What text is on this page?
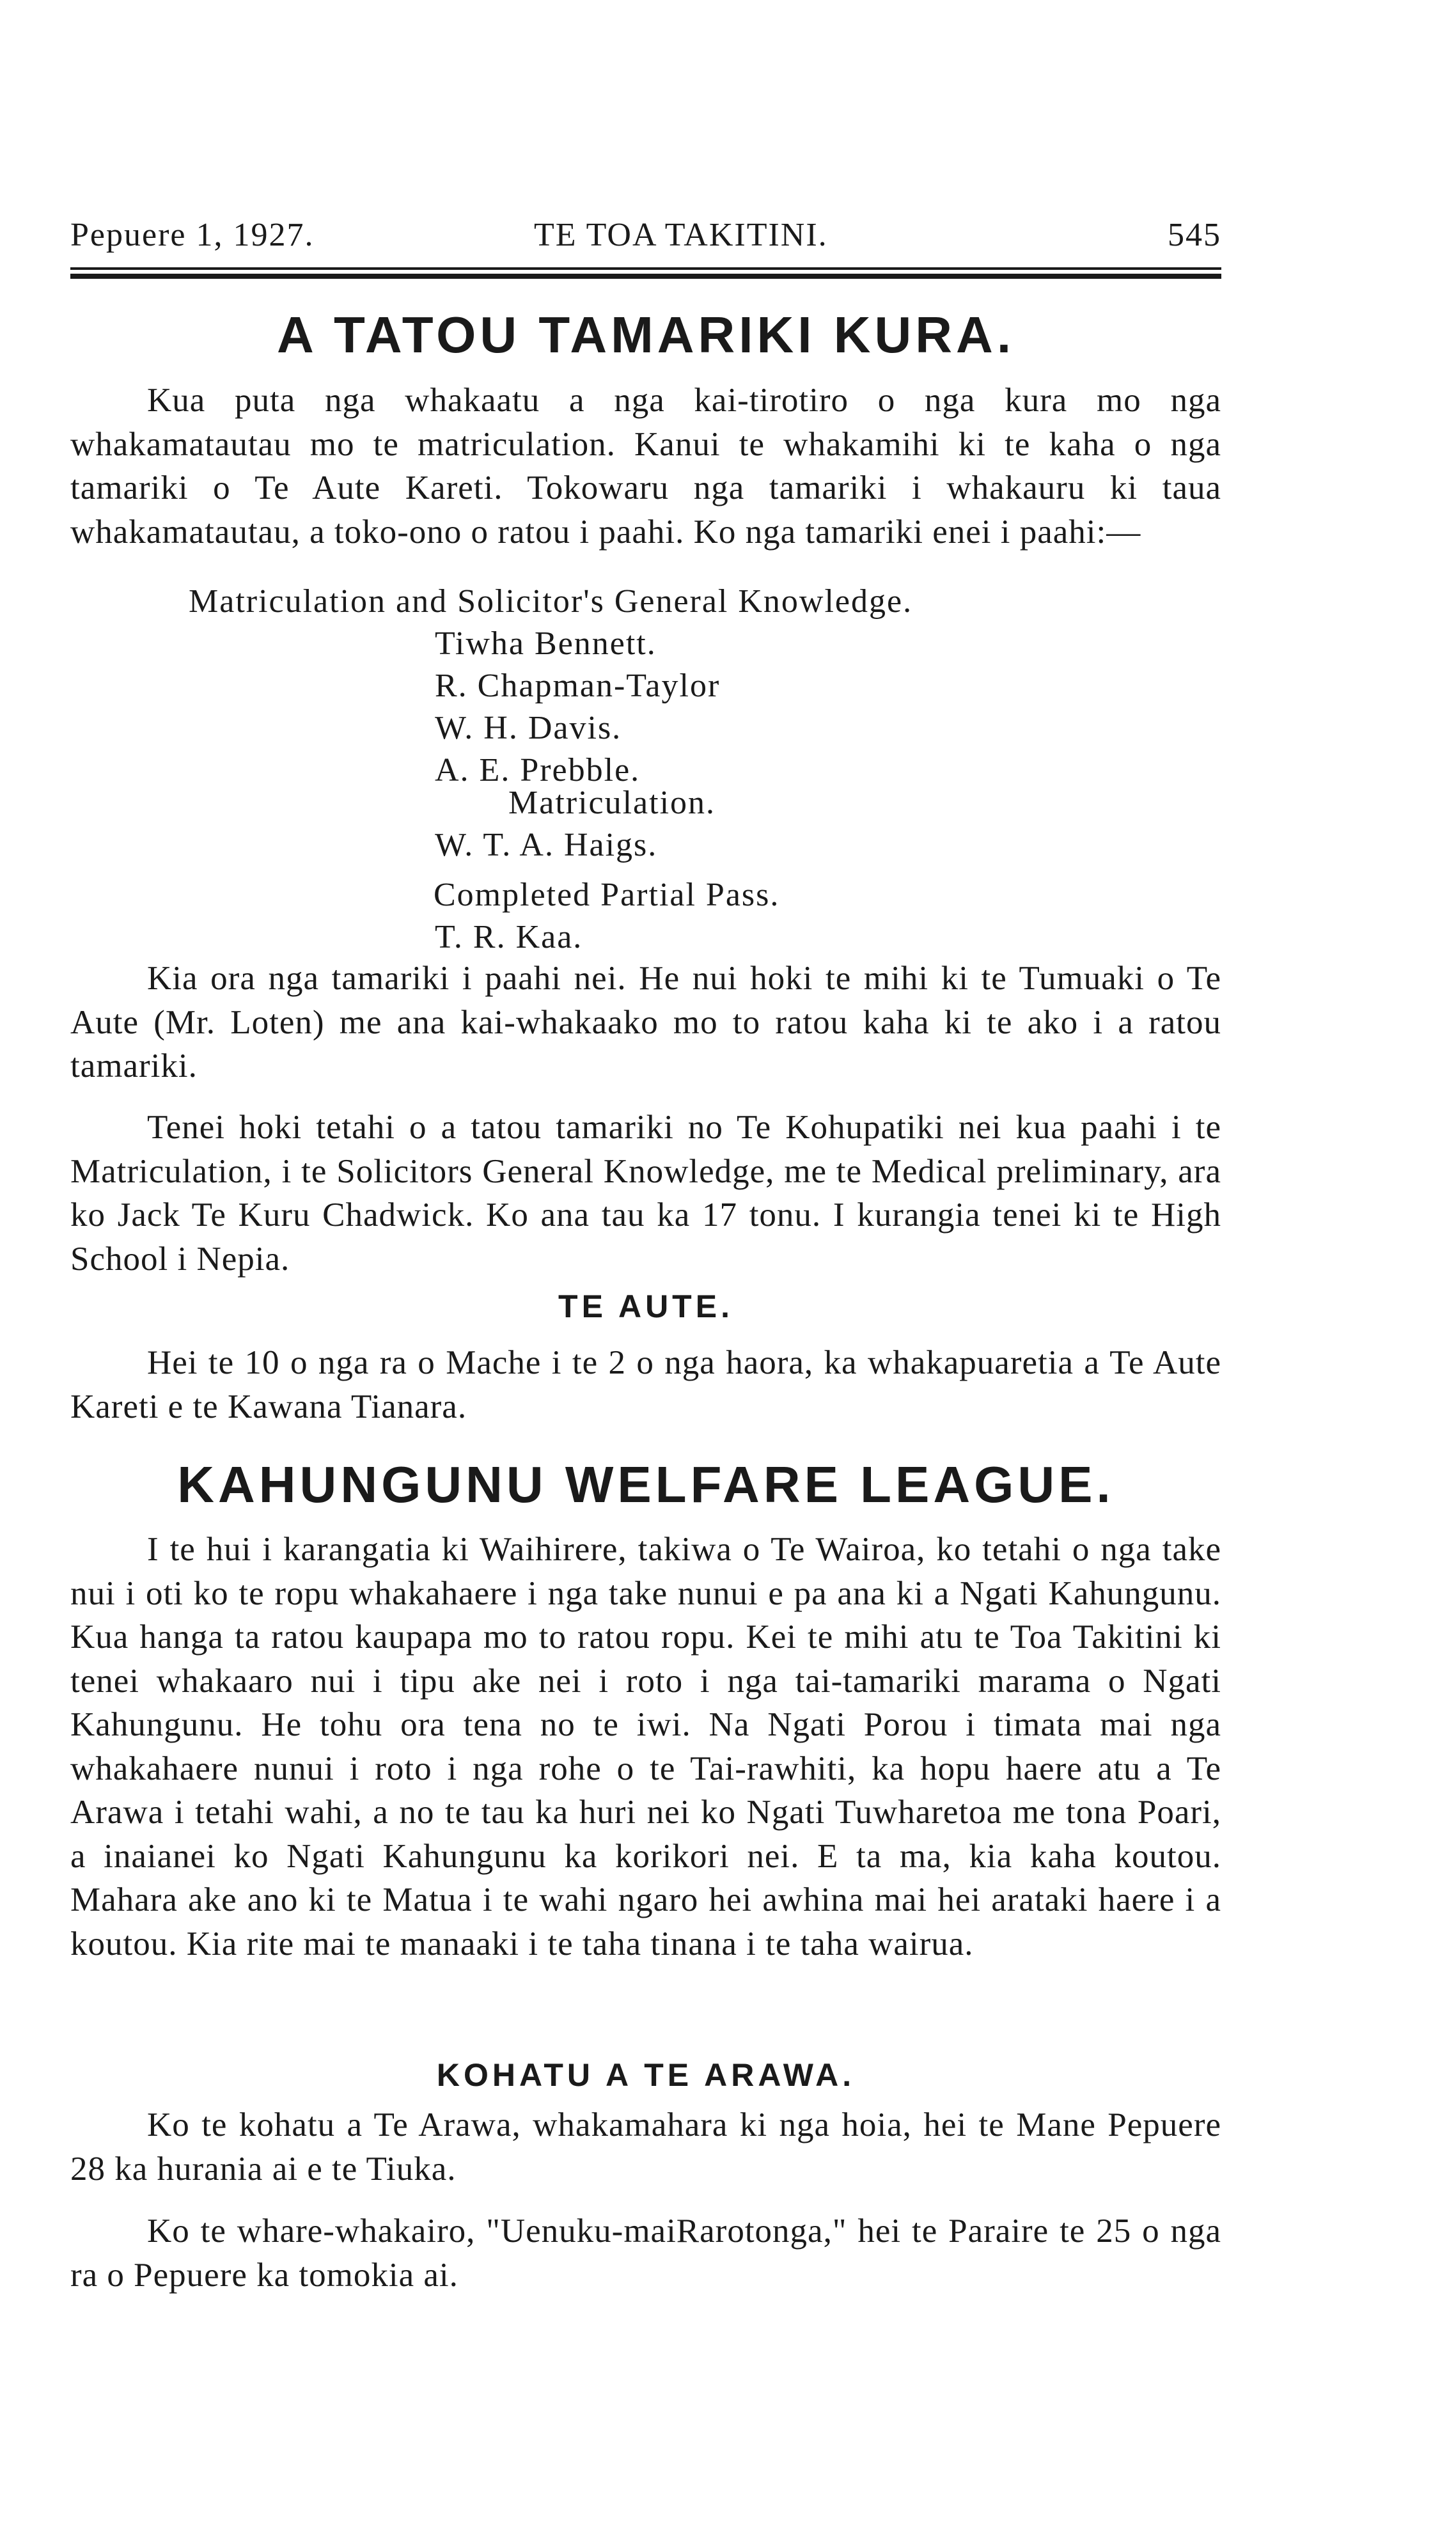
Pepuere 1, 1927.	TE TOA TAKITINI.	545
A TATOU TAMARIKI KURA.

Kua puta nga whakaatu a nga kai-tirotiro o nga kura mo nga whakamatautau mo te matriculation. Kanui te whakamihi ki te kaha o nga tamariki o Te Aute Kareti. Tokowaru nga tamariki i whakauru ki taua whakamatautau, a toko-ono o ratou i paahi. Ko nga tamariki enei i paahi:—

Matriculation and Solicitor's General Knowledge.
Tiwha Bennett.
R. Chapman-Taylor
W. H. Davis.
A. E. Prebble.
Matriculation.
W. T. A. Haigs.
Completed Partial Pass.
T. R. Kaa.

Kia ora nga tamariki i paahi nei. He nui hoki te mihi ki te Tumuaki o Te Aute (Mr. Loten) me ana kai-whakaako mo to ratou kaha ki te ako i a ratou tamariki.

Tenei hoki tetahi o a tatou tamariki no Te Kohupatiki nei kua paahi i te Matriculation, i te Solicitors General Knowledge, me te Medical preliminary, ara ko Jack Te Kuru Chadwick. Ko ana tau ka 17 tonu. I kurangia tenei ki te High School i Nepia.

TE AUTE.

Hei te 10 o nga ra o Mache i te 2 o nga haora, ka whakapuaretia a Te Aute Kareti e te Kawana Tianara.

KAHUNGUNU WELFARE LEAGUE.

I te hui i karangatia ki Waihirere, takiwa o Te Wairoa, ko tetahi o nga take nui i oti ko te ropu whakahaere i nga take nunui e pa ana ki a Ngati Kahungunu. Kua hanga ta ratou kaupapa mo to ratou ropu. Kei te mihi atu te Toa Takitini ki tenei whakaaro nui i tipu ake nei i roto i nga tai-tamariki marama o Ngati Kahungunu. He tohu ora tena no te iwi. Na Ngati Porou i timata mai nga whakahaere nunui i roto i nga rohe o te Tai-rawhiti, ka hopu haere atu a Te Arawa i tetahi wahi, a no te tau ka huri nei ko Ngati Tuwharetoa me tona Poari, a inaianei ko Ngati Kahungunu ka korikori nei. E ta ma, kia kaha koutou. Mahara ake ano ki te Matua i te wahi ngaro hei awhina mai hei arataki haere i a koutou. Kia rite mai te manaaki i te taha tinana i te taha wairua.

KOHATU A TE ARAWA.

Ko te kohatu a Te Arawa, whakamahara ki nga hoia, hei te Mane Pepuere 28 ka hurania ai e te Tiuka.

Ko te whare-whakairo, "Uenuku-maiRarotonga," hei te Paraire te 25 o nga ra o Pepuere ka tomokia ai.
